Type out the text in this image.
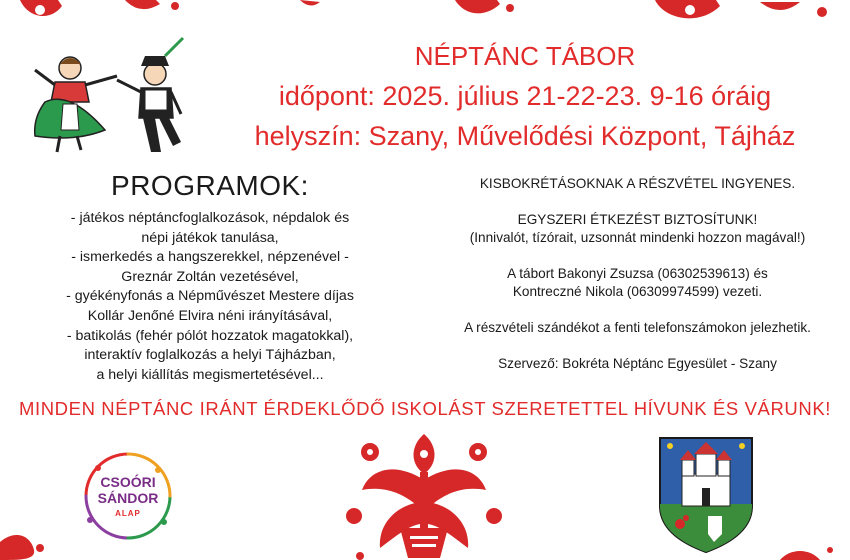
NÉPTÁNC TÁBOR
időpont: 2025. július 21-22-23. 9-16 óráig
helyszín: Szany, Művelődési Központ, Tájház
PROGRAMOK:
- játékos néptáncfoglalkozások, népdalok és
népi játékok tanulása,
- ismerkedés a hangszerekkel, népzenével -
Greznár Zoltán vezetésével,
- gyékényfonás a Népművészet Mestere díjas
Kollár Jenőné Elvira néni irányításával,
- batikolás (fehér pólót hozzatok magatokkal),
interaktív foglalkozás a helyi Tájházban,
a helyi kiállítás megismertetésével...

KISBOKRÉTÁSOKNAK A RÉSZVÉTEL INGYENES.

EGYSZERI ÉTKEZÉST BIZTOSÍTUNK!

(Innivalót, tízórait, uzsonnát mindenki hozzon magával!)

A tábort Bakonyi Zsuzsa (06302539613) és

Kontreczné Nikola (06309974599) vezeti.

A részvételi szándékot a fenti telefonszámokon jelezhetik.

Szervező: Bokréta Néptánc Egyesület - Szany

MINDEN NÉPTÁNC IRÁNT ÉRDEKLŐDŐ ISKOLÁST SZERETETTEL HÍVUNK ÉS VÁRUNK!
CSOÓRI
SÁNDOR
ALAP
